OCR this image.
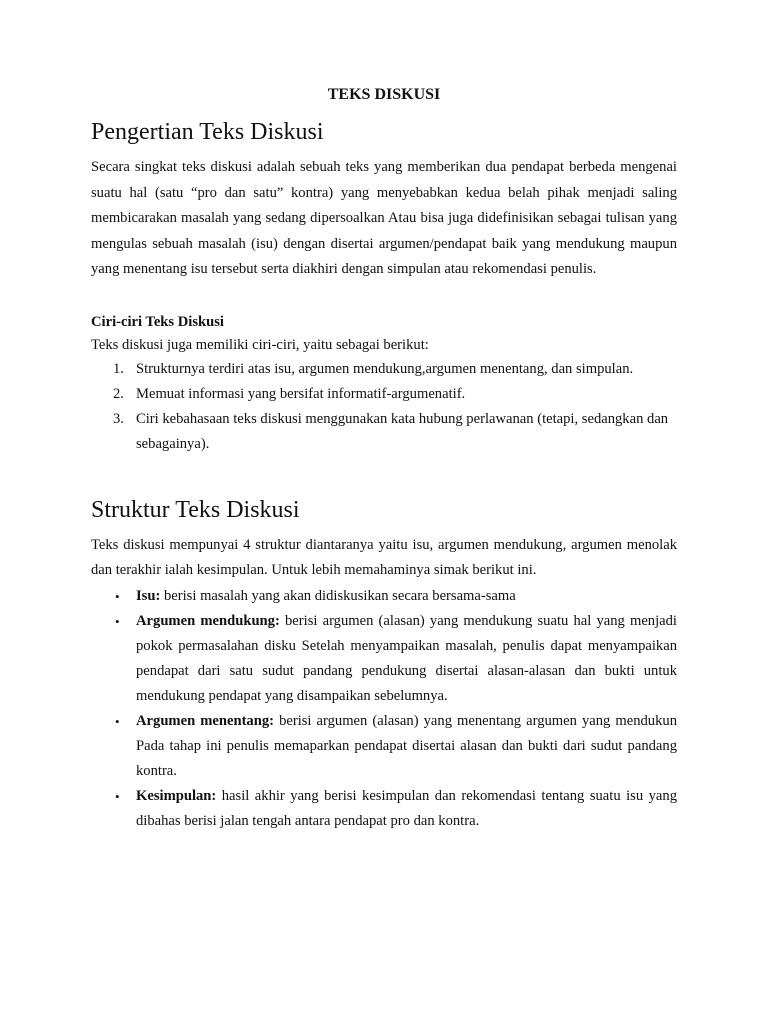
TEKS DISKUSI
Pengertian Teks Diskusi

Secara singkat teks diskusi adalah sebuah teks yang memberikan dua pendapat berbeda mengenai suatu hal (satu “pro dan satu” kontra) yang menyebabkan kedua belah pihak menjadi saling membicarakan masalah yang sedang dipersoalkan Atau bisa juga didefinisikan sebagai tulisan yang mengulas sebuah masalah (isu) dengan disertai argumen/pendapat baik yang mendukung maupun yang menentang isu tersebut serta diakhiri dengan simpulan atau rekomendasi penulis.

Ciri-ciri Teks Diskusi

Teks diskusi juga memiliki ciri-ciri, yaitu sebagai berikut:

1. Strukturnya terdiri atas isu, argumen mendukung,argumen menentang, dan simpulan.
2. Memuat informasi yang bersifat informatif-argumenatif.
3. Ciri kebahasaan teks diskusi menggunakan kata hubung perlawanan (tetapi, sedangkan dan sebagainya).
Struktur Teks Diskusi

Teks diskusi mempunyai 4 struktur diantaranya yaitu isu, argumen mendukung, argumen menolak dan terakhir ialah kesimpulan. Untuk lebih memahaminya simak berikut ini.

• Isu: berisi masalah yang akan didiskusikan secara bersama-sama
• Argumen mendukung: berisi argumen (alasan) yang mendukung suatu hal yang menjadi pokok permasalahan disku Setelah menyampaikan masalah, penulis dapat menyampaikan pendapat dari satu sudut pandang pendukung disertai alasan-alasan dan bukti untuk mendukung pendapat yang disampaikan sebelumnya.
• Argumen menentang: berisi argumen (alasan) yang menentang argumen yang mendukun Pada tahap ini penulis memaparkan pendapat disertai alasan dan bukti dari sudut pandang kontra.
• Kesimpulan: hasil akhir yang berisi kesimpulan dan rekomendasi tentang suatu isu yang dibahas berisi jalan tengah antara pendapat pro dan kontra.
